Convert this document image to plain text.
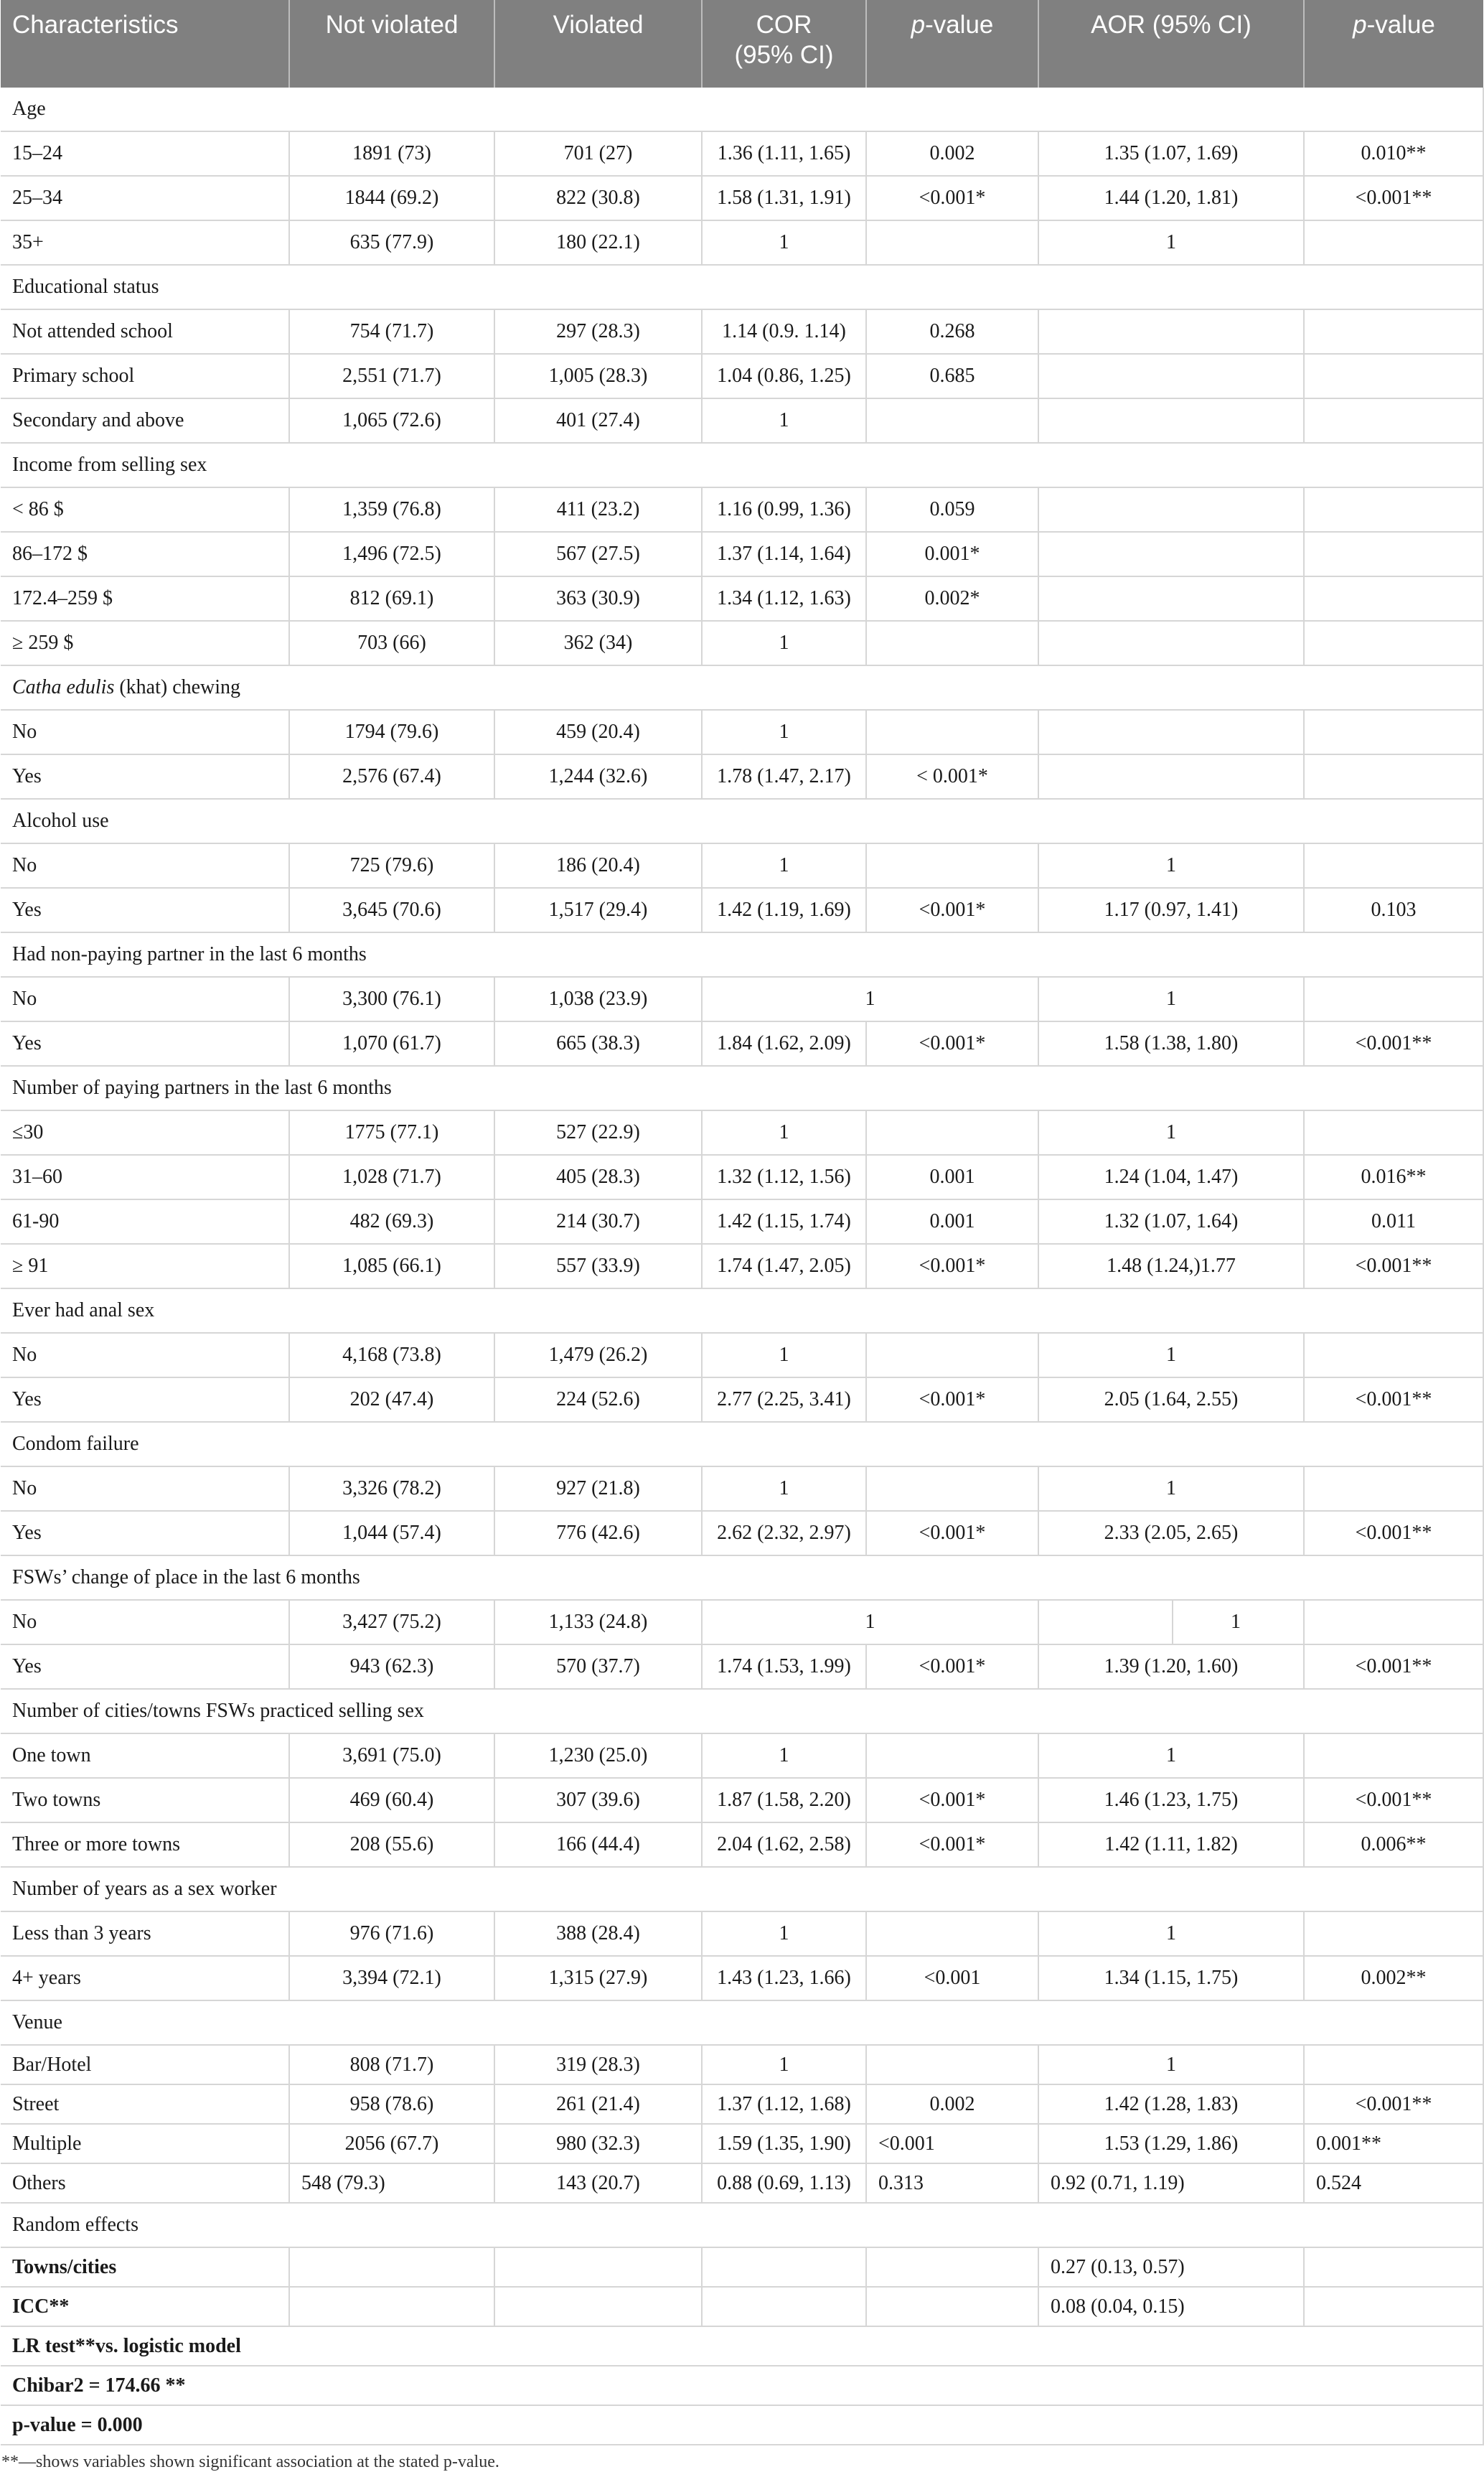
Characteristics	Not violated	Violated	COR
(95% CI)	p-value	AOR (95% CI)	p-value
Age						
15–24	1891 (73)	701 (27)	1.36 (1.11, 1.65)	0.002	1.35 (1.07, 1.69)	0.010**
25–34	1844 (69.2)	822 (30.8)	1.58 (1.31, 1.91)	<0.001*	1.44 (1.20, 1.81)	<0.001**
35+	635 (77.9)	180 (22.1)	1		1	
Educational status						
Not attended school	754 (71.7)	297 (28.3)	1.14 (0.9. 1.14)	0.268		
Primary school	2,551 (71.7)	1,005 (28.3)	1.04 (0.86, 1.25)	0.685		
Secondary and above	1,065 (72.6)	401 (27.4)	1			
Income from selling sex						
< 86 $	1,359 (76.8)	411 (23.2)	1.16 (0.99, 1.36)	0.059		
86–172 $	1,496 (72.5)	567 (27.5)	1.37 (1.14, 1.64)	0.001*		
172.4–259 $	812 (69.1)	363 (30.9)	1.34 (1.12, 1.63)	0.002*		
≥ 259 $	703 (66)	362 (34)	1			
Catha edulis (khat) chewing						
No	1794 (79.6)	459 (20.4)	1			
Yes	2,576 (67.4)	1,244 (32.6)	1.78 (1.47, 2.17)	< 0.001*		
Alcohol use						
No	725 (79.6)	186 (20.4)	1		1	
Yes	3,645 (70.6)	1,517 (29.4)	1.42 (1.19, 1.69)	<0.001*	1.17 (0.97, 1.41)	0.103
Had non-paying partner in the last 6 months						
No	3,300 (76.1)	1,038 (23.9)	1		1	
Yes	1,070 (61.7)	665 (38.3)	1.84 (1.62, 2.09)	<0.001*	1.58 (1.38, 1.80)	<0.001**
Number of paying partners in the last 6 months						
≤30	1775 (77.1)	527 (22.9)	1		1	
31–60	1,028 (71.7)	405 (28.3)	1.32 (1.12, 1.56)	0.001	1.24 (1.04, 1.47)	0.016**
61-90	482 (69.3)	214 (30.7)	1.42 (1.15, 1.74)	0.001	1.32 (1.07, 1.64)	0.011
≥ 91	1,085 (66.1)	557 (33.9)	1.74 (1.47, 2.05)	<0.001*	1.48 (1.24,)1.77	<0.001**
Ever had anal sex						
No	4,168 (73.8)	1,479 (26.2)	1		1	
Yes	202 (47.4)	224 (52.6)	2.77 (2.25, 3.41)	<0.001*	2.05 (1.64, 2.55)	<0.001**
Condom failure						
No	3,326 (78.2)	927 (21.8)	1		1	
Yes	1,044 (57.4)	776 (42.6)	2.62 (2.32, 2.97)	<0.001*	2.33 (2.05, 2.65)	<0.001**
FSWs’ change of place in the last 6 months						
No	3,427 (75.2)	1,133 (24.8)	1		1	

Yes	943 (62.3)	570 (37.7)	1.74 (1.53, 1.99)	<0.001*	1.39 (1.20, 1.60)	<0.001**
Number of cities/towns FSWs practiced selling sex						
One town	3,691 (75.0)	1,230 (25.0)	1		1	
Two towns	469 (60.4)	307 (39.6)	1.87 (1.58, 2.20)	<0.001*	1.46 (1.23, 1.75)	<0.001**
Three or more towns	208 (55.6)	166 (44.4)	2.04 (1.62, 2.58)	<0.001*	1.42 (1.11, 1.82)	0.006**
Number of years as a sex worker						
Less than 3 years	976 (71.6)	388 (28.4)	1		1	
4+ years	3,394 (72.1)	1,315 (27.9)	1.43 (1.23, 1.66)	<0.001	1.34 (1.15, 1.75)	0.002**
Venue						
Bar/Hotel	808 (71.7)	319 (28.3)	1		1	
Street	958 (78.6)	261 (21.4)	1.37 (1.12, 1.68)	0.002	1.42 (1.28, 1.83)	<0.001**
Multiple	2056 (67.7)	980 (32.3)	1.59 (1.35, 1.90)	<0.001	1.53 (1.29, 1.86)	0.001**
Others	548 (79.3)	143 (20.7)	0.88 (0.69, 1.13)	0.313	0.92 (0.71, 1.19)	0.524
Random effects						
Towns/cities					0.27 (0.13, 0.57)	
ICC**					0.08 (0.04, 0.15)	
LR test**vs. logistic model						
Chibar2 = 174.66 **						
p-value = 0.000						
**—shows variables shown significant association at the stated p-value.
